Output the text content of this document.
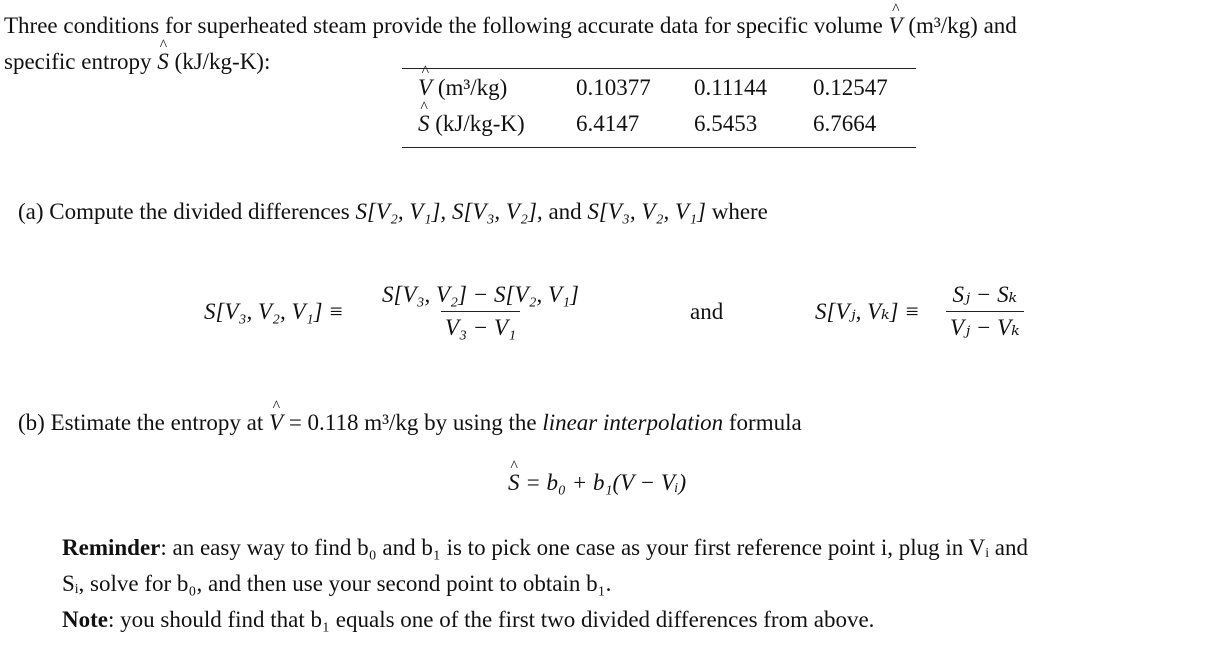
Three conditions for superheated steam provide the following accurate data for specific volume ^ V (m³/kg) and
specific entropy ^ S (kJ/kg-K):
^ V (m³/kg)	0.10377 0.11144 0.12547
^ S (kJ/kg-K) 6.4147 6.5453 6.7664
(a) Compute the divided differences S[V₂, V₁], S[V₃, V₂], and S[V₃, V₂, V₁] where
S[V₃, V₂, $V_1] \equiv \frac{\text{S[V₃, V₂] − S[V₂, V₁]}}{\text{V₃ − V₁}}$	and	S[Vⱼ, $V_k] \equiv \frac{\text{Sⱼ − Sₖ}}{\text{Vⱼ − Vₖ}}$
(b) Estimate the entropy at ^ V = 0.118 m³/kg by using the linear interpolation formula
^ S = b₀ + b₁(V − Vᵢ)
Reminder: an easy way to find b₀ and b₁ is to pick one case as your first reference point i, plug in Vᵢ and
Sᵢ, solve for b₀, and then use your second point to obtain b₁.
Note: you should find that b₁ equals one of the first two divided differences from above.
